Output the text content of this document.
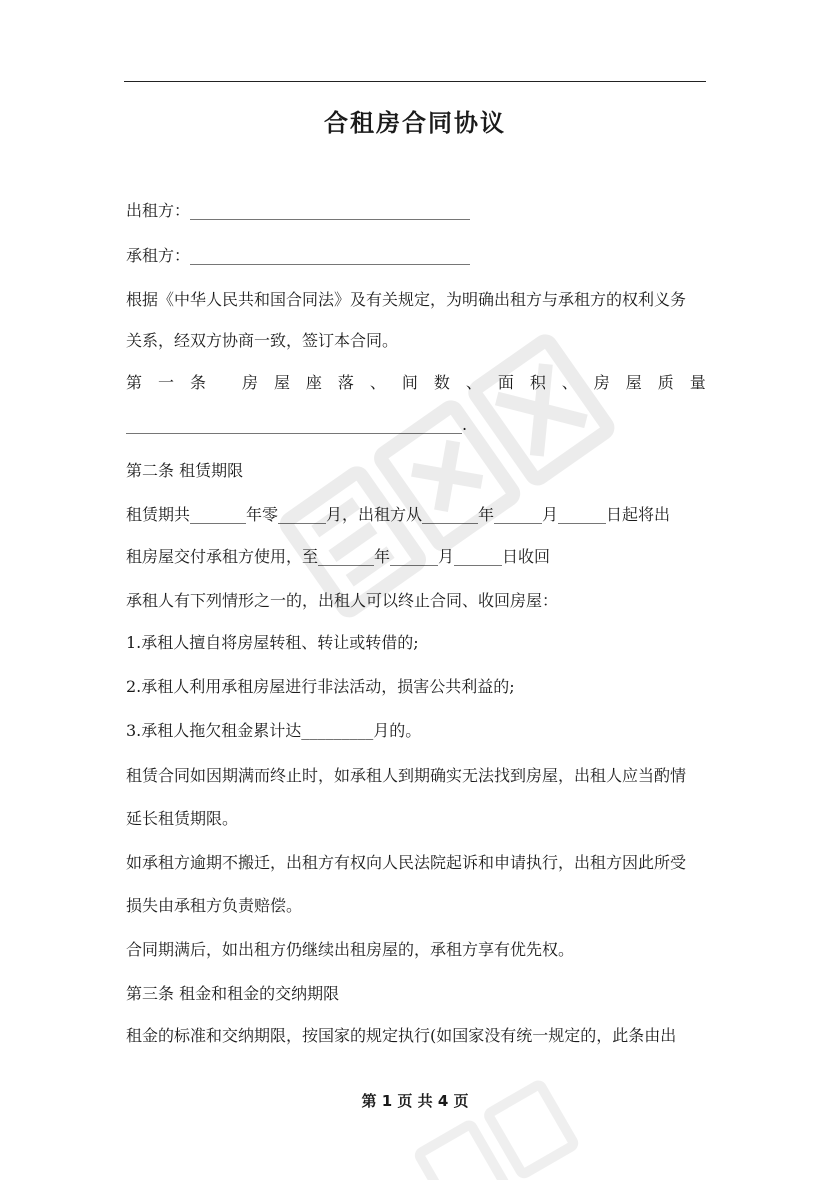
合租房合同协议
出租方：___________________________________
承租方：___________________________________
根据《中华人民共和国合同法》及有关规定，为明确出租方与承租方的权利义务
关系，经双方协商一致，签订本合同。
第 一 条 房 屋 座 落 、 间 数 、 面 积 、 房 屋 质 量
__________________________________________.
第二条 租赁期限
租赁期共_______年零______月，出租方从_______年______月______日起将出
租房屋交付承租方使用，至_______年______月______日收回
承租人有下列情形之一的，出租人可以终止合同、收回房屋：
1.承租人擅自将房屋转租、转让或转借的;
2.承租人利用承租房屋进行非法活动，损害公共利益的;
3.承租人拖欠租金累计达_________月的。
租赁合同如因期满而终止时，如承租人到期确实无法找到房屋，出租人应当酌情
延长租赁期限。
如承租方逾期不搬迁，出租方有权向人民法院起诉和申请执行，出租方因此所受
损失由承租方负责赔偿。
合同期满后，如出租方仍继续出租房屋的，承租方享有优先权。
第三条 租金和租金的交纳期限
租金的标准和交纳期限，按国家的规定执行(如国家没有统一规定的，此条由出
第 1 页 共 4 页
